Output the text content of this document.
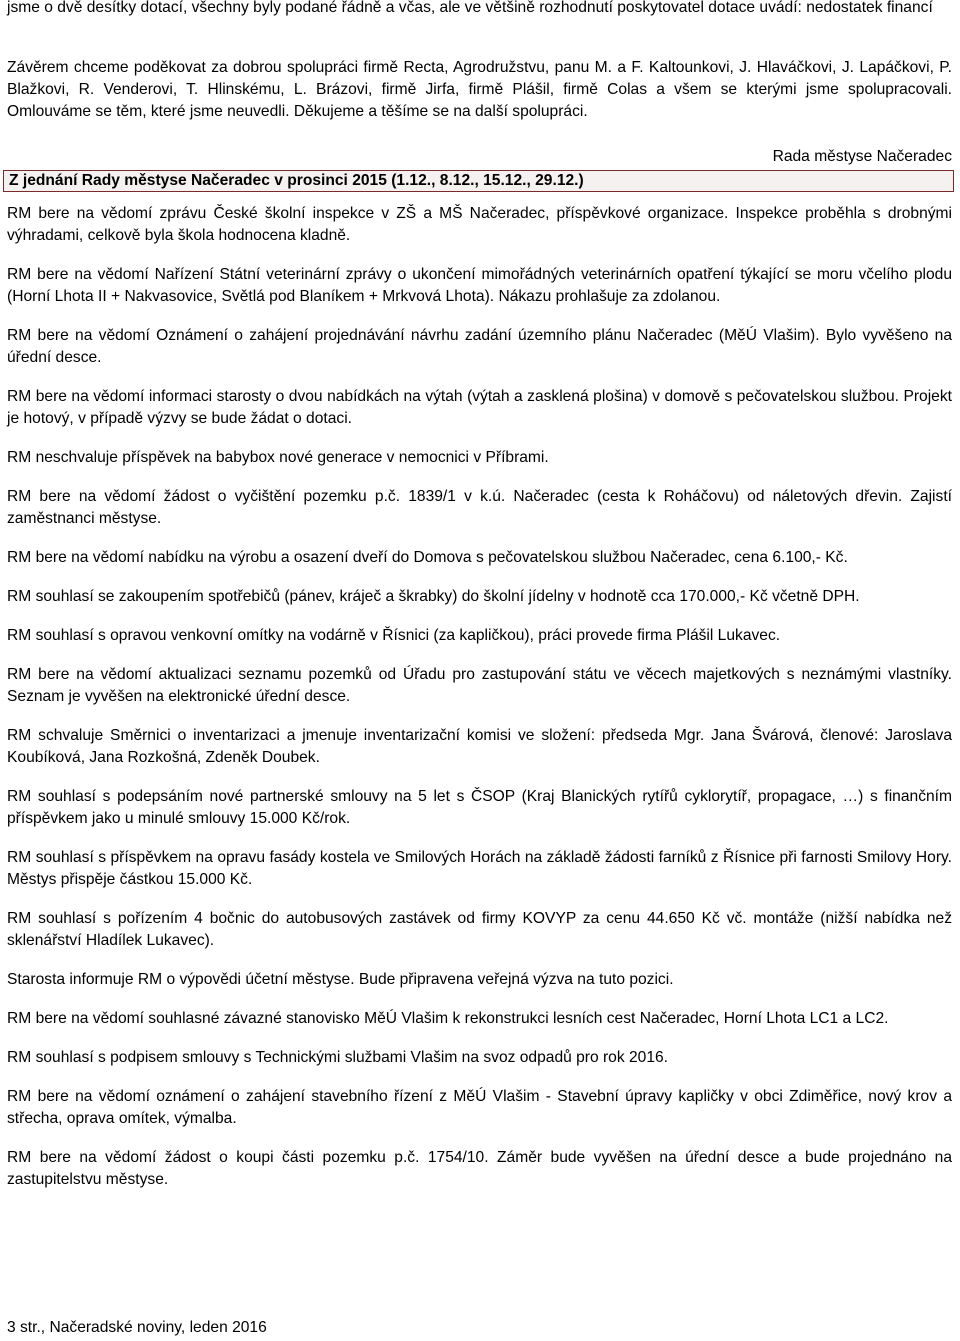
jsme o dvě desítky dotací, všechny byly podané řádně a včas, ale ve většině rozhodnutí poskytovatel dotace uvádí: nedostatek financí

Závěrem chceme poděkovat za dobrou spolupráci firmě Recta, Agrodružstvu, panu M. a F. Kaltounkovi, J. Hlaváčkovi, J. Lapáčkovi, P. Blažkovi, R. Venderovi, T. Hlinskému, L. Brázovi, firmě Jirfa, firmě Plášil, firmě Colas a všem se kterými jsme spolupracovali. Omlouváme se těm, které jsme neuvedli. Děkujeme a těšíme se na další spolupráci.

Rada městyse Načeradec
Z jednání Rady městyse Načeradec v prosinci 2015 (1.12., 8.12., 15.12., 29.12.)

RM bere na vědomí zprávu České školní inspekce v ZŠ a MŠ Načeradec, příspěvkové organizace. Inspekce proběhla s drobnými výhradami, celkově byla škola hodnocena kladně.

RM bere na vědomí Nařízení Státní veterinární zprávy o ukončení mimořádných veterinárních opatření týkající se moru včelího plodu (Horní Lhota II + Nakvasovice, Světlá pod Blaníkem + Mrkvová Lhota). Nákazu prohlašuje za zdolanou.

RM bere na vědomí Oznámení o zahájení projednávání návrhu zadání územního plánu Načeradec (MěÚ Vlašim). Bylo vyvěšeno na úřední desce.

RM bere na vědomí informaci starosty o dvou nabídkách na výtah (výtah a zasklená plošina) v domově s pečovatelskou službou. Projekt je hotový, v případě výzvy se bude žádat o dotaci.

RM neschvaluje příspěvek na babybox nové generace v nemocnici v Příbrami.

RM bere na vědomí žádost o vyčištění pozemku p.č. 1839/1 v k.ú. Načeradec (cesta k Roháčovu) od náletových dřevin. Zajistí zaměstnanci městyse.

RM bere na vědomí nabídku na výrobu a osazení dveří do Domova s pečovatelskou službou Načeradec, cena 6.100,- Kč.

RM souhlasí se zakoupením spotřebičů (pánev, kráječ a škrabky) do školní jídelny v hodnotě cca 170.000,- Kč včetně DPH.

RM souhlasí s opravou venkovní omítky na vodárně v Řísnici (za kapličkou), práci provede firma Plášil Lukavec.

RM bere na vědomí aktualizaci seznamu pozemků od Úřadu pro zastupování státu ve věcech majetkových s neznámými vlastníky. Seznam je vyvěšen na elektronické úřední desce.

RM schvaluje Směrnici o inventarizaci a jmenuje inventarizační komisi ve složení: předseda Mgr. Jana Švárová, členové: Jaroslava Koubíková, Jana Rozkošná, Zdeněk Doubek.

RM souhlasí s podepsáním nové partnerské smlouvy na 5 let s ČSOP (Kraj Blanických rytířů cyklorytíř, propagace, …) s finančním příspěvkem jako u minulé smlouvy 15.000 Kč/rok.

RM souhlasí s příspěvkem na opravu fasády kostela ve Smilových Horách na základě žádosti farníků z Řísnice při farnosti Smilovy Hory. Městys přispěje částkou 15.000 Kč.

RM souhlasí s pořízením 4 bočnic do autobusových zastávek od firmy KOVYP za cenu 44.650 Kč vč. montáže (nižší nabídka než sklenářství Hladílek Lukavec).

Starosta informuje RM o výpovědi účetní městyse. Bude připravena veřejná výzva na tuto pozici.

RM bere na vědomí souhlasné závazné stanovisko MěÚ Vlašim k rekonstrukci lesních cest Načeradec, Horní Lhota LC1 a LC2.

RM souhlasí s podpisem smlouvy s Technickými službami Vlašim na svoz odpadů pro rok 2016.

RM bere na vědomí oznámení o zahájení stavebního řízení z MěÚ Vlašim - Stavební úpravy kapličky v obci Zdiměřice, nový krov a střecha, oprava omítek, výmalba.

RM bere na vědomí žádost o koupi části pozemku p.č. 1754/10. Záměr bude vyvěšen na úřední desce a bude projednáno na zastupitelstvu městyse.

3 str., Načeradské noviny, leden 2016
